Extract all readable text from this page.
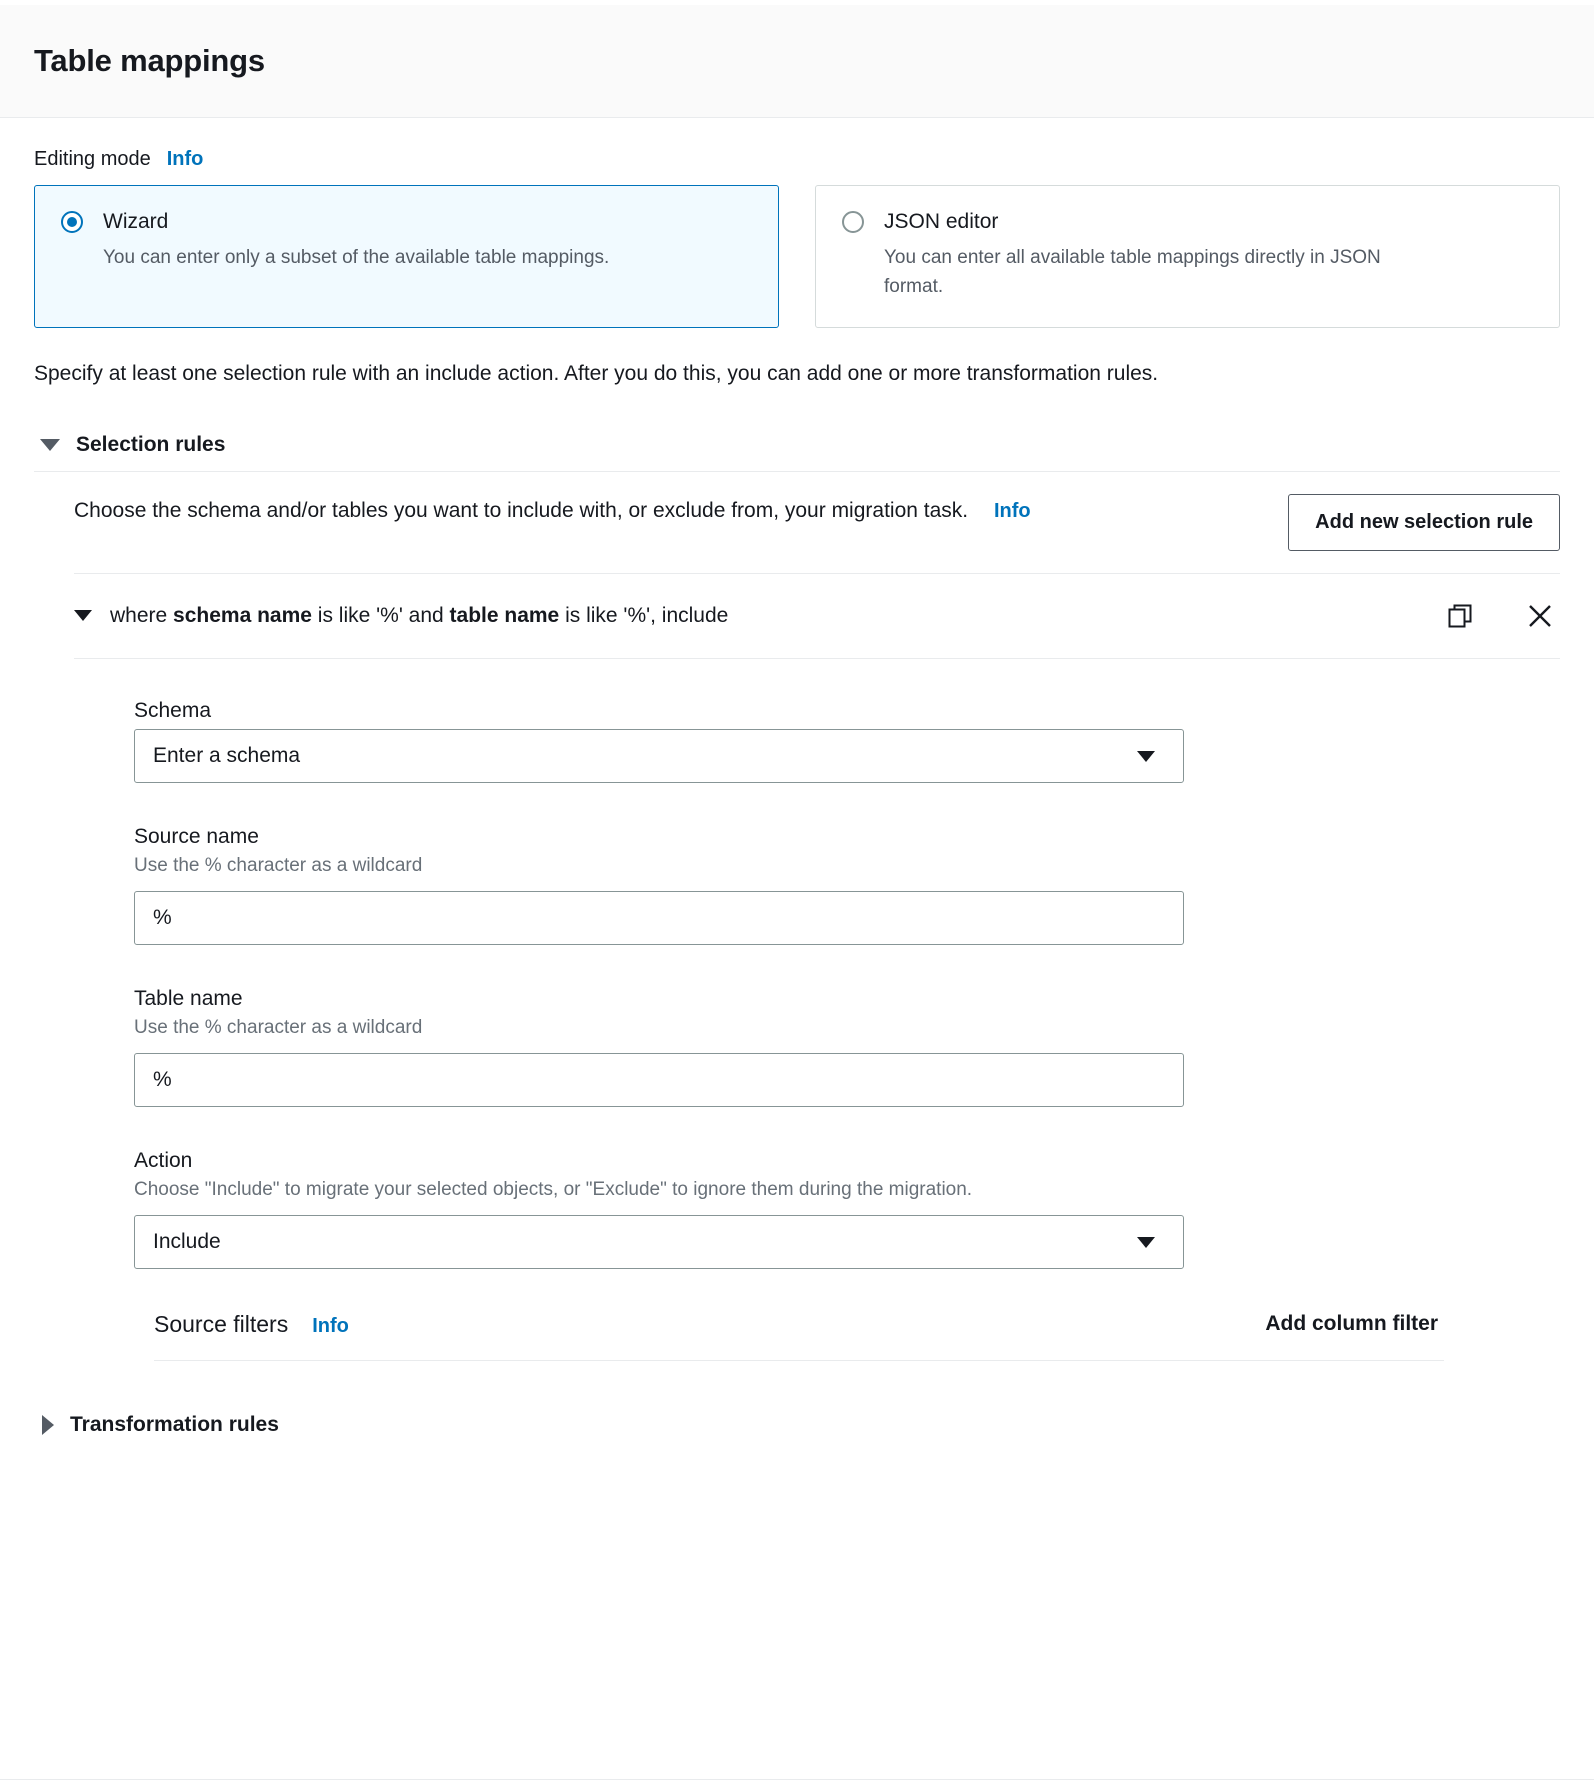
Table mappings
Editing mode Info
Wizard
You can enter only a subset of the available table mappings.
JSON editor
You can enter all available table mappings directly in JSON format.
Specify at least one selection rule with an include action. After you do this, you can add one or more transformation rules.
Selection rules
Choose the schema and/or tables you want to include with, or exclude from, your migration task. Info	Add new selection rule
where schema name is like '%' and table name is like '%', include
Schema
Enter a schema
Source name
Use the % character as a wildcard
%
Table name
Use the % character as a wildcard
%
Action
Choose "Include" to migrate your selected objects, or "Exclude" to ignore them during the migration.
Include
Source filters Info	Add column filter
Transformation rules
